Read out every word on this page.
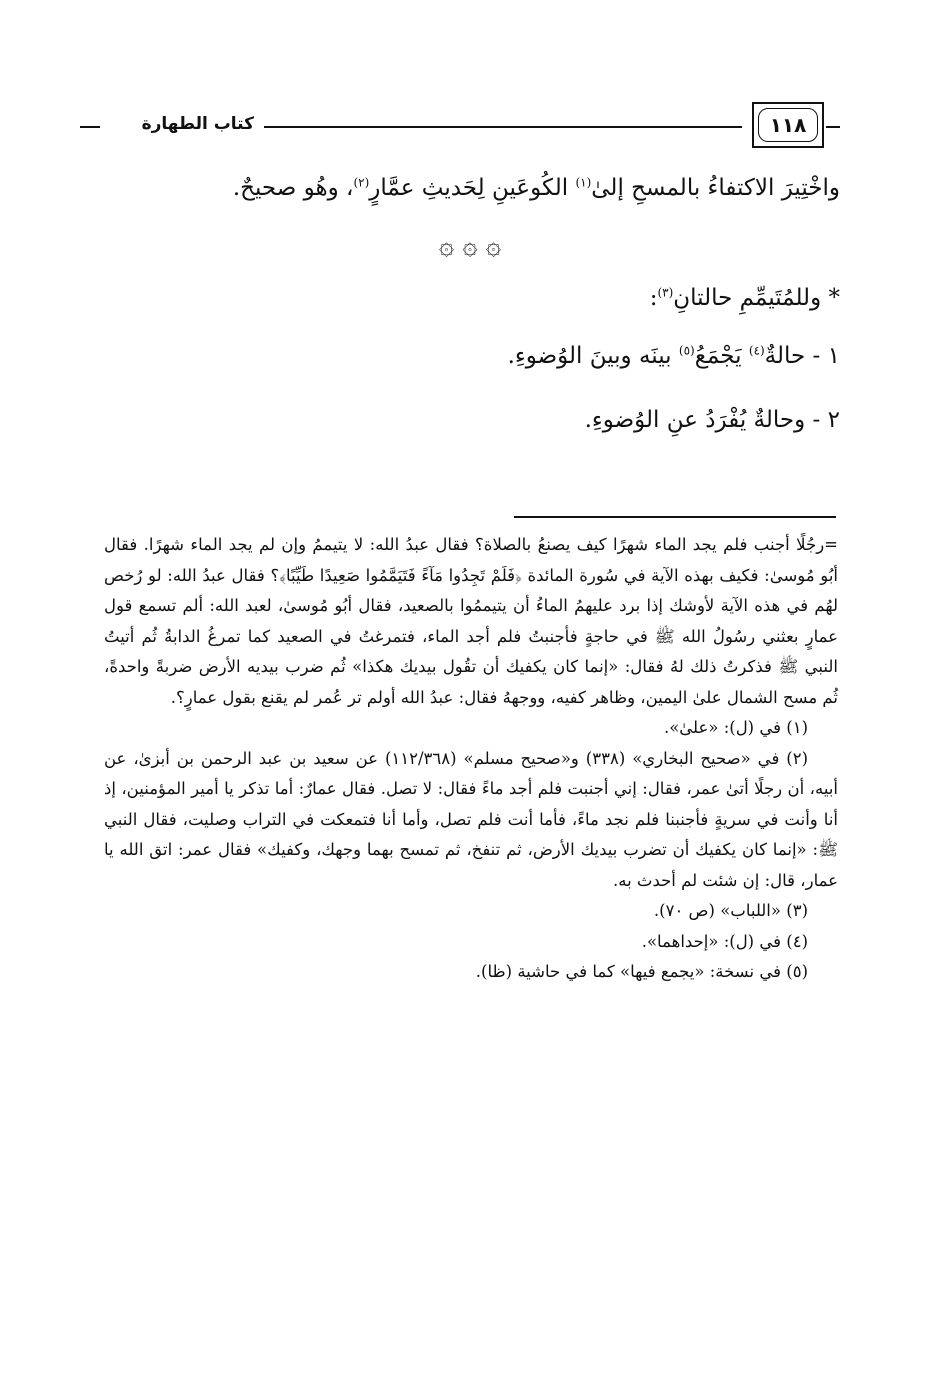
١١٨
كتاب الطهارة

واخْتِيرَ الاكتفاءُ بالمسحِ إلىٰ$^{(١)}$ الكُوعَينِ لِحَديثِ عمَّارٍ$^{(٢)}$، وهُو صحيحٌ.

۞ ۞ ۞

* وللمُتَيمِّمِ حالتانِ$^{(٣)}$:

١ - حالةٌ$^{(٤)}$ يَجْمَعُ$^{(٥)}$ بينَه وبينَ الوُضوءِ.

٢ - وحالةٌ يُفْرَدُ عنِ الوُضوءِ.

=رجُلًا أجنب فلم يجد الماء شهرًا كيف يصنعُ بالصلاة؟ فقال عبدُ الله: لا يتيممُ وإن لم يجد الماء شهرًا. فقال أبُو مُوسىٰ: فكيف بهذه الآية في سُورة المائدة ﴿فَلَمْ تَجِدُوا مَآءً فَتَيَمَّمُوا صَعِيدًا طَيِّبًا﴾؟ فقال عبدُ الله: لو رُخص لهُم في هذه الآية لأوشك إذا برد عليهمُ الماءُ أن يتيممُوا بالصعيد، فقال أبُو مُوسىٰ، لعبد الله: ألم تسمع قول عمارٍ بعثني رسُولُ الله ﷺ في حاجةٍ فأجنبتُ فلم أجد الماء، فتمرغتُ في الصعيد كما تمرغُ الدابةُ ثُم أتيتُ النبي ﷺ فذكرتُ ذلك لهُ فقال: «إنما كان يكفيك أن تقُول بيديك هكذا» ثُم ضرب بيديه الأرض ضربةً واحدةً، ثُم مسح الشمال علىٰ اليمين، وظاهر كفيه، ووجههُ فقال: عبدُ الله أولم تر عُمر لم يقنع بقول عمارٍ؟.

(١) في (ل): «علىٰ».

(٢) في «صحيح البخاري» (٣٣٨) و«صحيح مسلم» (١١٢/٣٦٨) عن سعيد بن عبد الرحمن بن أبزىٰ، عن أبيه، أن رجلًا أتىٰ عمر، فقال: إني أجنبت فلم أجد ماءً فقال: لا تصل. فقال عمارٌ: أما تذكر يا أمير المؤمنين، إذ أنا وأنت في سريةٍ فأجنبنا فلم نجد ماءً، فأما أنت فلم تصل، وأما أنا فتمعكت في التراب وصليت، فقال النبي ﷺ: «إنما كان يكفيك أن تضرب بيديك الأرض، ثم تنفخ، ثم تمسح بهما وجهك، وكفيك» فقال عمر: اتق الله يا عمار، قال: إن شئت لم أحدث به.

(٣) «اللباب» (ص ٧٠).

(٤) في (ل): «إحداهما».

(٥) في نسخة: «يجمع فيها» كما في حاشية (ظا).
